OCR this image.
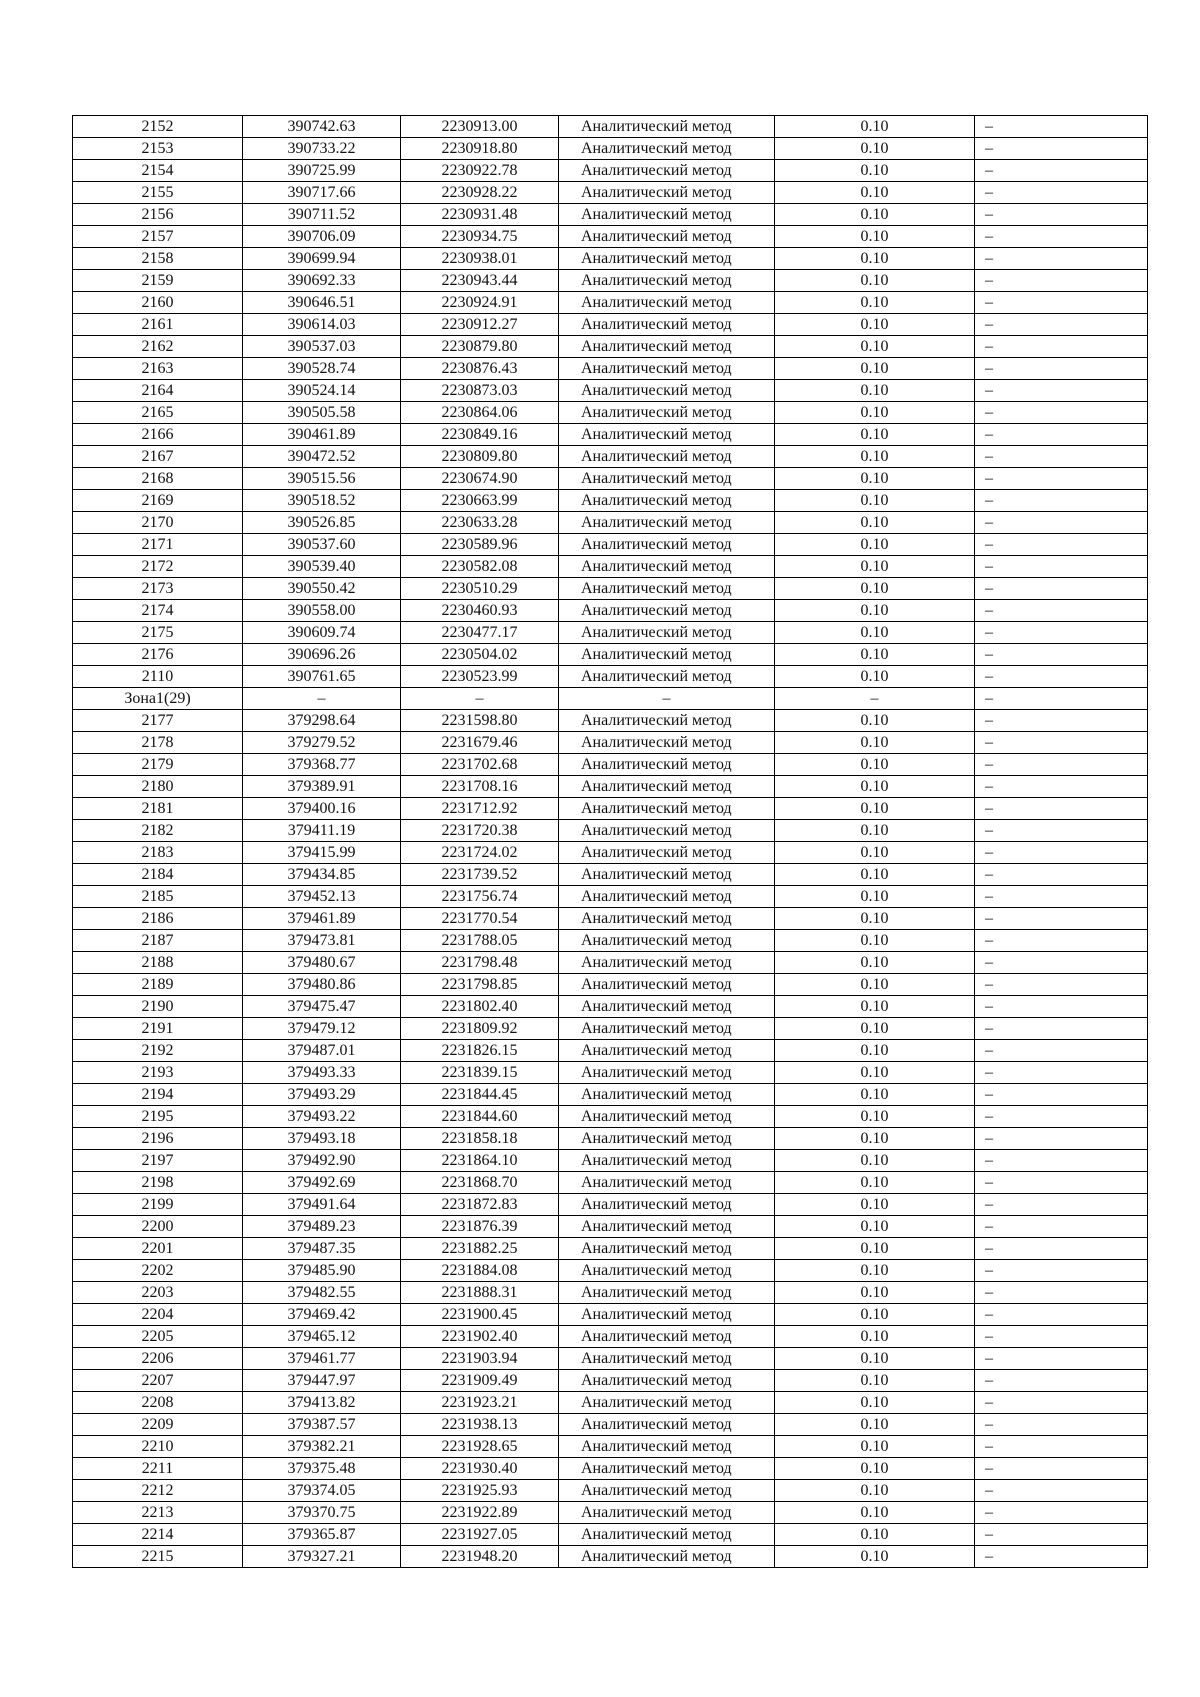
2152	390742.63	2230913.00	Аналитический метод	0.10	–
2153	390733.22	2230918.80	Аналитический метод	0.10	–
2154	390725.99	2230922.78	Аналитический метод	0.10	–
2155	390717.66	2230928.22	Аналитический метод	0.10	–
2156	390711.52	2230931.48	Аналитический метод	0.10	–
2157	390706.09	2230934.75	Аналитический метод	0.10	–
2158	390699.94	2230938.01	Аналитический метод	0.10	–
2159	390692.33	2230943.44	Аналитический метод	0.10	–
2160	390646.51	2230924.91	Аналитический метод	0.10	–
2161	390614.03	2230912.27	Аналитический метод	0.10	–
2162	390537.03	2230879.80	Аналитический метод	0.10	–
2163	390528.74	2230876.43	Аналитический метод	0.10	–
2164	390524.14	2230873.03	Аналитический метод	0.10	–
2165	390505.58	2230864.06	Аналитический метод	0.10	–
2166	390461.89	2230849.16	Аналитический метод	0.10	–
2167	390472.52	2230809.80	Аналитический метод	0.10	–
2168	390515.56	2230674.90	Аналитический метод	0.10	–
2169	390518.52	2230663.99	Аналитический метод	0.10	–
2170	390526.85	2230633.28	Аналитический метод	0.10	–
2171	390537.60	2230589.96	Аналитический метод	0.10	–
2172	390539.40	2230582.08	Аналитический метод	0.10	–
2173	390550.42	2230510.29	Аналитический метод	0.10	–
2174	390558.00	2230460.93	Аналитический метод	0.10	–
2175	390609.74	2230477.17	Аналитический метод	0.10	–
2176	390696.26	2230504.02	Аналитический метод	0.10	–
2110	390761.65	2230523.99	Аналитический метод	0.10	–
Зона1(29)	–	–	–	–	–
2177	379298.64	2231598.80	Аналитический метод	0.10	–
2178	379279.52	2231679.46	Аналитический метод	0.10	–
2179	379368.77	2231702.68	Аналитический метод	0.10	–
2180	379389.91	2231708.16	Аналитический метод	0.10	–
2181	379400.16	2231712.92	Аналитический метод	0.10	–
2182	379411.19	2231720.38	Аналитический метод	0.10	–
2183	379415.99	2231724.02	Аналитический метод	0.10	–
2184	379434.85	2231739.52	Аналитический метод	0.10	–
2185	379452.13	2231756.74	Аналитический метод	0.10	–
2186	379461.89	2231770.54	Аналитический метод	0.10	–
2187	379473.81	2231788.05	Аналитический метод	0.10	–
2188	379480.67	2231798.48	Аналитический метод	0.10	–
2189	379480.86	2231798.85	Аналитический метод	0.10	–
2190	379475.47	2231802.40	Аналитический метод	0.10	–
2191	379479.12	2231809.92	Аналитический метод	0.10	–
2192	379487.01	2231826.15	Аналитический метод	0.10	–
2193	379493.33	2231839.15	Аналитический метод	0.10	–
2194	379493.29	2231844.45	Аналитический метод	0.10	–
2195	379493.22	2231844.60	Аналитический метод	0.10	–
2196	379493.18	2231858.18	Аналитический метод	0.10	–
2197	379492.90	2231864.10	Аналитический метод	0.10	–
2198	379492.69	2231868.70	Аналитический метод	0.10	–
2199	379491.64	2231872.83	Аналитический метод	0.10	–
2200	379489.23	2231876.39	Аналитический метод	0.10	–
2201	379487.35	2231882.25	Аналитический метод	0.10	–
2202	379485.90	2231884.08	Аналитический метод	0.10	–
2203	379482.55	2231888.31	Аналитический метод	0.10	–
2204	379469.42	2231900.45	Аналитический метод	0.10	–
2205	379465.12	2231902.40	Аналитический метод	0.10	–
2206	379461.77	2231903.94	Аналитический метод	0.10	–
2207	379447.97	2231909.49	Аналитический метод	0.10	–
2208	379413.82	2231923.21	Аналитический метод	0.10	–
2209	379387.57	2231938.13	Аналитический метод	0.10	–
2210	379382.21	2231928.65	Аналитический метод	0.10	–
2211	379375.48	2231930.40	Аналитический метод	0.10	–
2212	379374.05	2231925.93	Аналитический метод	0.10	–
2213	379370.75	2231922.89	Аналитический метод	0.10	–
2214	379365.87	2231927.05	Аналитический метод	0.10	–
2215	379327.21	2231948.20	Аналитический метод	0.10	–
